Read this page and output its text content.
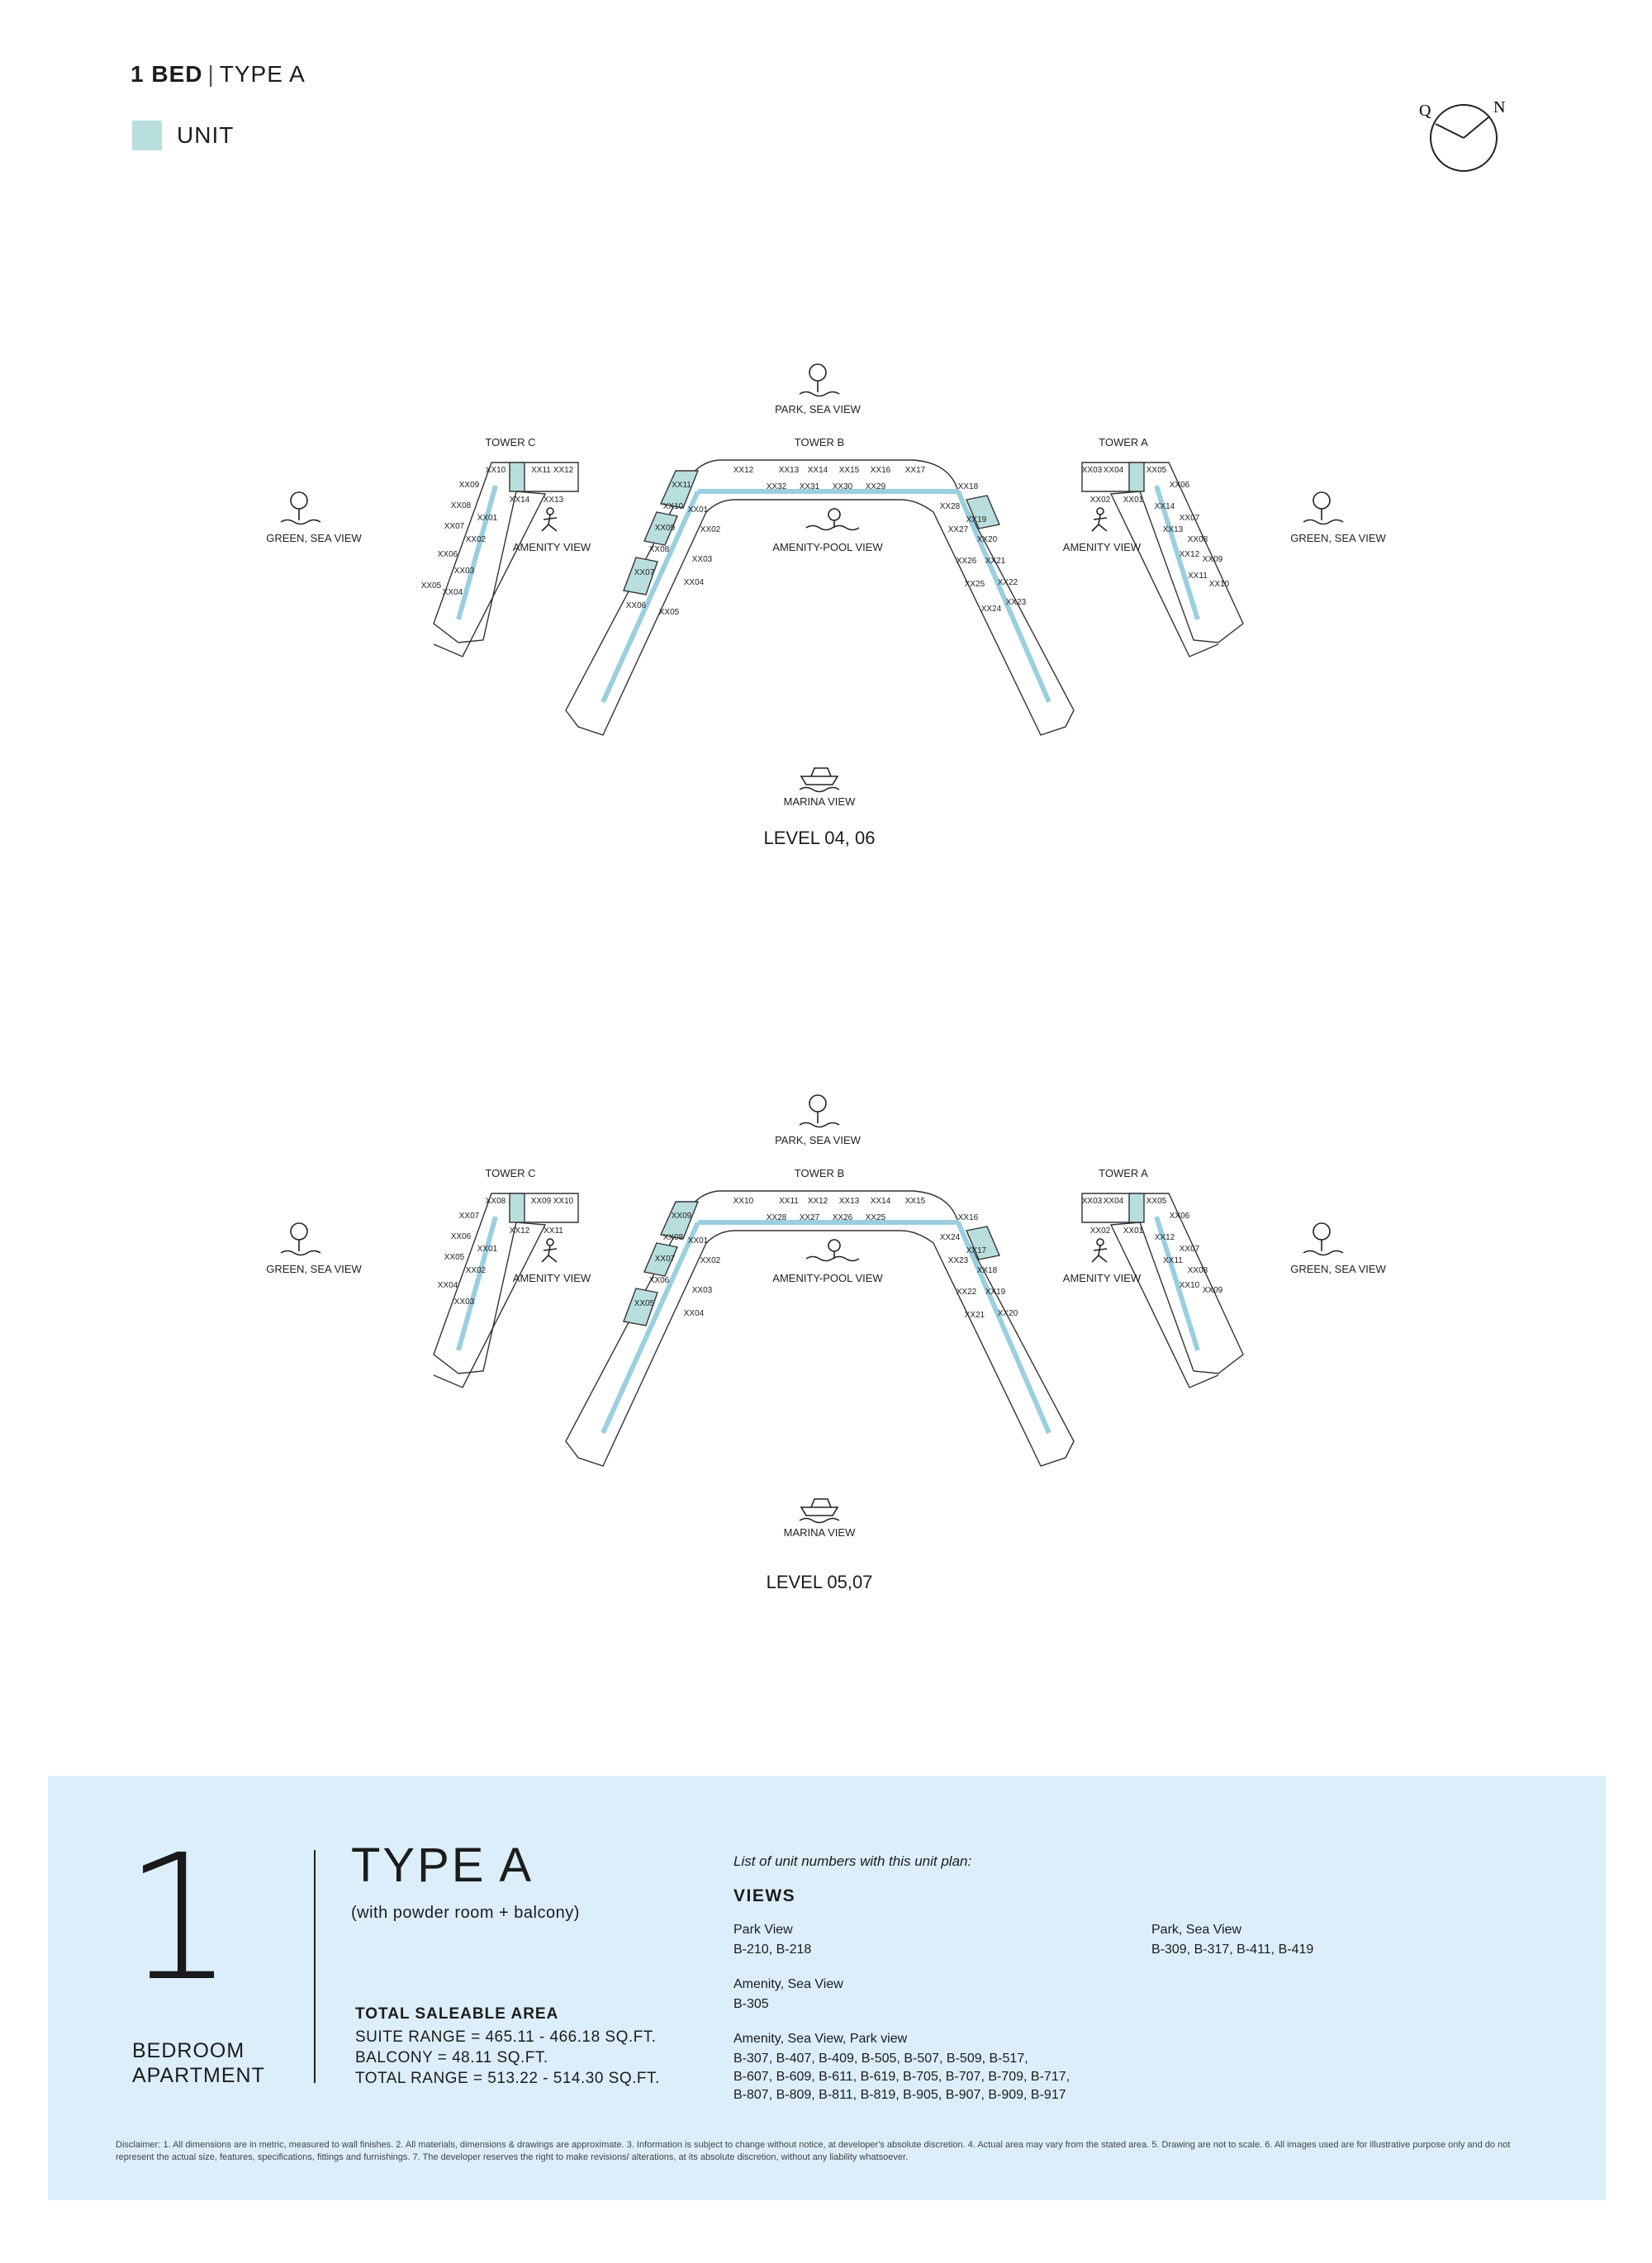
1 BED | TYPE A
UNIT
Q	N
PARK, SEA VIEW
GREEN, SEA VIEW	GREEN, SEA VIEW
MARINA VIEW
TOWER C
XX10	XX11 XX12
XX09
XX14 XX13
XX08
XX01
XX07
XX02
XX06
XX03
XX05
XX04
AMENITY VIEW
TOWER B
XX12	XX13 XX14 XX15 XX16 XX17
XX11	XX32 XX31 XX30 XX29	XX18
XX10 XX01	XX28
XX19
XX09	XX02	XX27
XX20
XX08
XX03	XX26 XX21
XX07
XX04	XX25 XX22
XX06
XX05	XX24
XX23
AMENITY-POOL VIEW
TOWER A
XX03 XX04	XX05
XX02 XX01
XX06
XX14
XX07
XX13
XX08
XX12
XX09
XX11
XX10
AMENITY VIEW
LEVEL 04, 06
PARK, SEA VIEW
GREEN, SEA VIEW	GREEN, SEA VIEW
MARINA VIEW
TOWER C
XX08	XX09 XX10
XX07
XX12 XX11
XX06
XX01
XX05
XX02
XX04
XX03
AMENITY VIEW
TOWER B
XX10	XX11 XX12 XX13 XX14 XX15
XX09	XX28 XX27 XX26 XX25	XX16
XX08 XX01	XX24
XX17
XX07	XX02	XX23
XX18
XX06
XX03	XX22 XX19
XX05
XX04	XX21 XX20
AMENITY-POOL VIEW
TOWER A
XX03 XX04	XX05
XX02 XX01
XX06
XX12
XX07
XX11
XX08
XX10
XX09
AMENITY VIEW
LEVEL 05,07
1
BEDROOM
APARTMENT
TYPE A
(with powder room + balcony)
TOTAL SALEABLE AREA
SUITE RANGE = 465.11 - 466.18 SQ.FT.
BALCONY = 48.11 SQ.FT.
TOTAL RANGE = 513.22 - 514.30 SQ.FT.
List of unit numbers with this unit plan:
VIEWS
Park View
B-210, B-218
Amenity, Sea View
B-305
Amenity, Sea View, Park view
B-307, B-407, B-409, B-505, B-507, B-509, B-517,
B-607, B-609, B-611, B-619, B-705, B-707, B-709, B-717,
B-807, B-809, B-811, B-819, B-905, B-907, B-909, B-917
Park, Sea View
B-309, B-317, B-411, B-419
Disclaimer: 1. All dimensions are in metric, measured to wall finishes. 2. All materials, dimensions & drawings are approximate. 3. Information is subject to change without notice, at developer's absolute discretion. 4. Actual area may vary from the stated area. 5. Drawing are not to scale. 6. All images used are for illustrative purpose only and do not represent the actual size, features, specifications, fittings and furnishings. 7. The developer reserves the right to make revisions/ alterations, at its absolute discretion, without any liability whatsoever.
